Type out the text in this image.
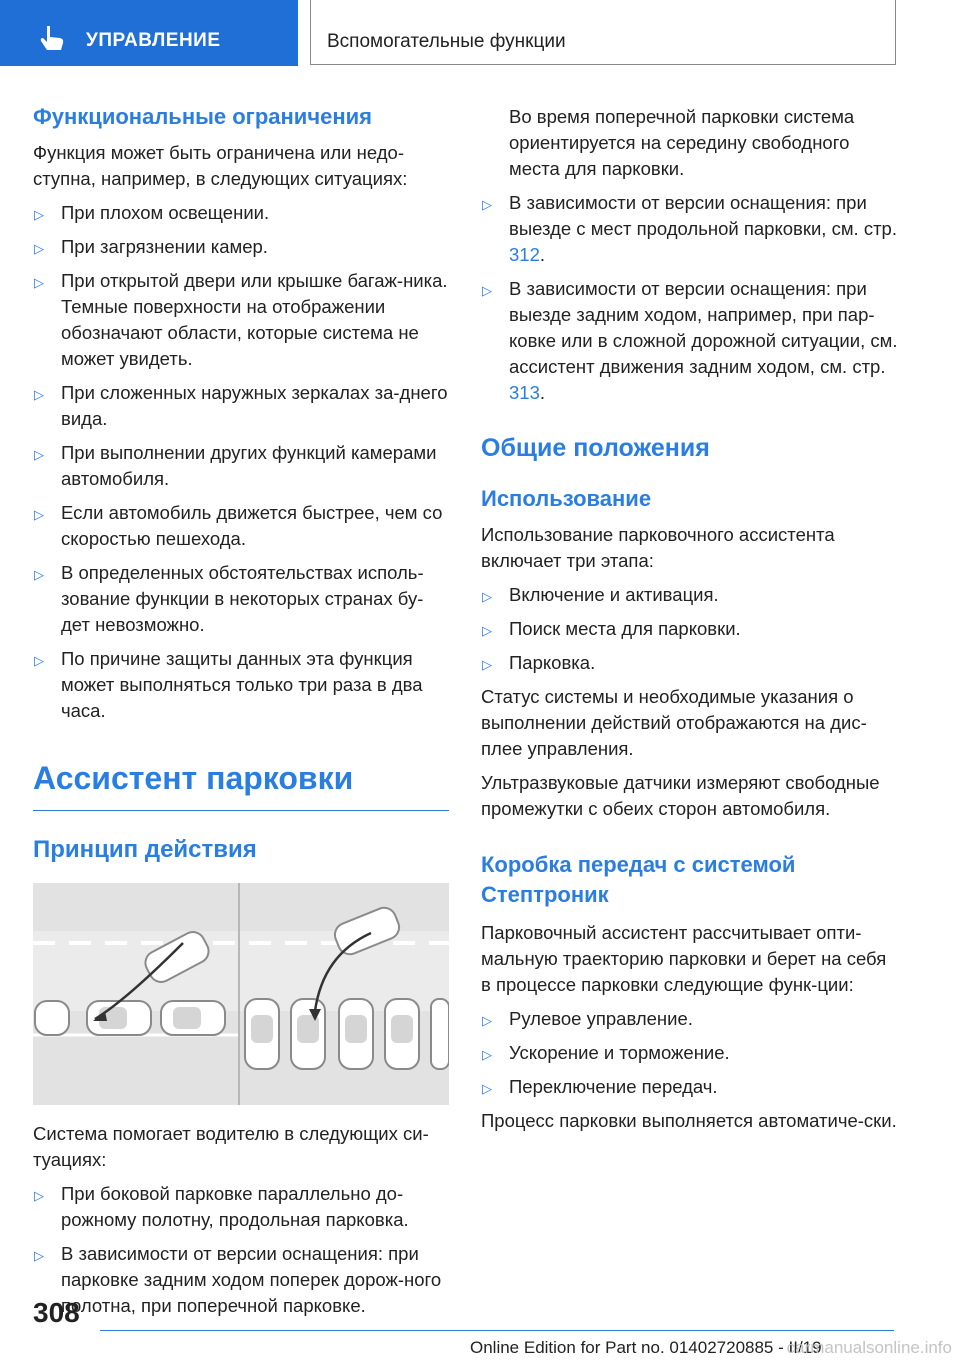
УПРАВЛЕНИЕ	Вспомогательные функции
Функциональные ограничения

Функция может быть ограничена или недо-ступна, например, в следующих ситуациях:

▷ При плохом освещении.
▷ При загрязнении камер.
▷ При открытой двери или крышке багаж-ника. Темные поверхности на отображении обозначают области, которые система не может увидеть.
▷ При сложенных наружных зеркалах за-днего вида.
▷ При выполнении других функций камерами автомобиля.
▷ Если автомобиль движется быстрее, чем со скоростью пешехода.
▷ В определенных обстоятельствах исполь-зование функции в некоторых странах бу-дет невозможно.
▷ По причине защиты данных эта функция может выполняться только три раза в два часа.
Ассистент парковки
Принцип действия

Система помогает водителю в следующих си-туациях:

▷ При боковой парковке параллельно до-рожному полотну, продольная парковка.
▷ В зависимости от версии оснащения: при парковке задним ходом поперек дорож-ного полотна, при поперечной парковке.

Во время поперечной парковки система ориентируется на середину свободного места для парковки.

▷ В зависимости от версии оснащения: при выезде с мест продольной парковки, см. стр. 312.
▷ В зависимости от версии оснащения: при выезде задним ходом, например, при пар-ковке или в сложной дорожной ситуации, см. ассистент движения задним ходом, см. стр. 313.
Общие положения
Использование

Использование парковочного ассистента включает три этапа:

▷ Включение и активация.
▷ Поиск места для парковки.
▷ Парковка.

Статус системы и необходимые указания о выполнении действий отображаются на дис-плее управления.

Ультразвуковые датчики измеряют свободные промежутки с обеих сторон автомобиля.

Коробка передач с системой Стептроник

Парковочный ассистент рассчитывает опти-мальную траекторию парковки и берет на себя в процессе парковки следующие функ-ции:

▷ Рулевое управление.
▷ Ускорение и торможение.
▷ Переключение передач.

Процесс парковки выполняется автоматиче-ски.

308
Online Edition for Part no. 01402720885 - II/19
carmanualsonline.info
